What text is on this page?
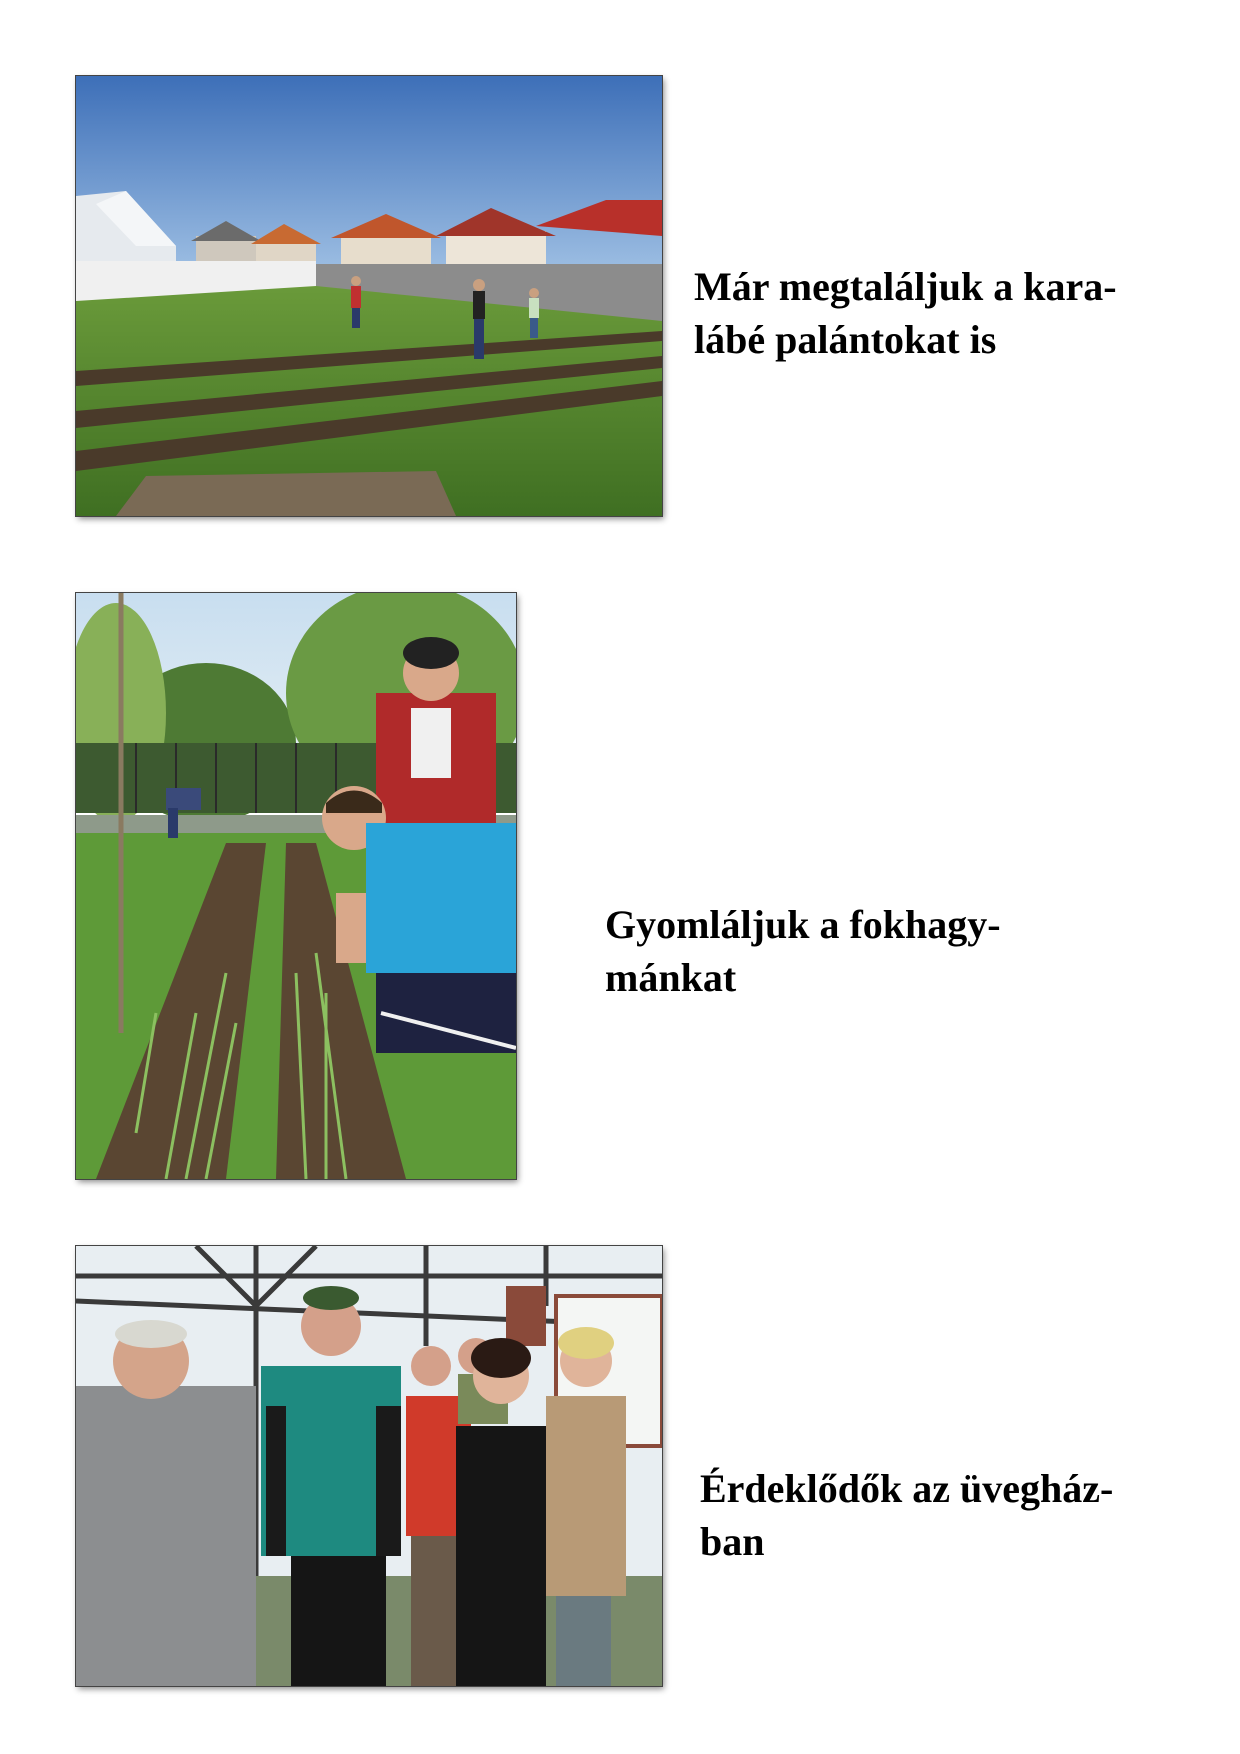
Már megtaláljuk a kara-
lábé palántokat is

Gyomláljuk a fokhagy-
mánkat

Érdeklődők az üvegház-
ban
